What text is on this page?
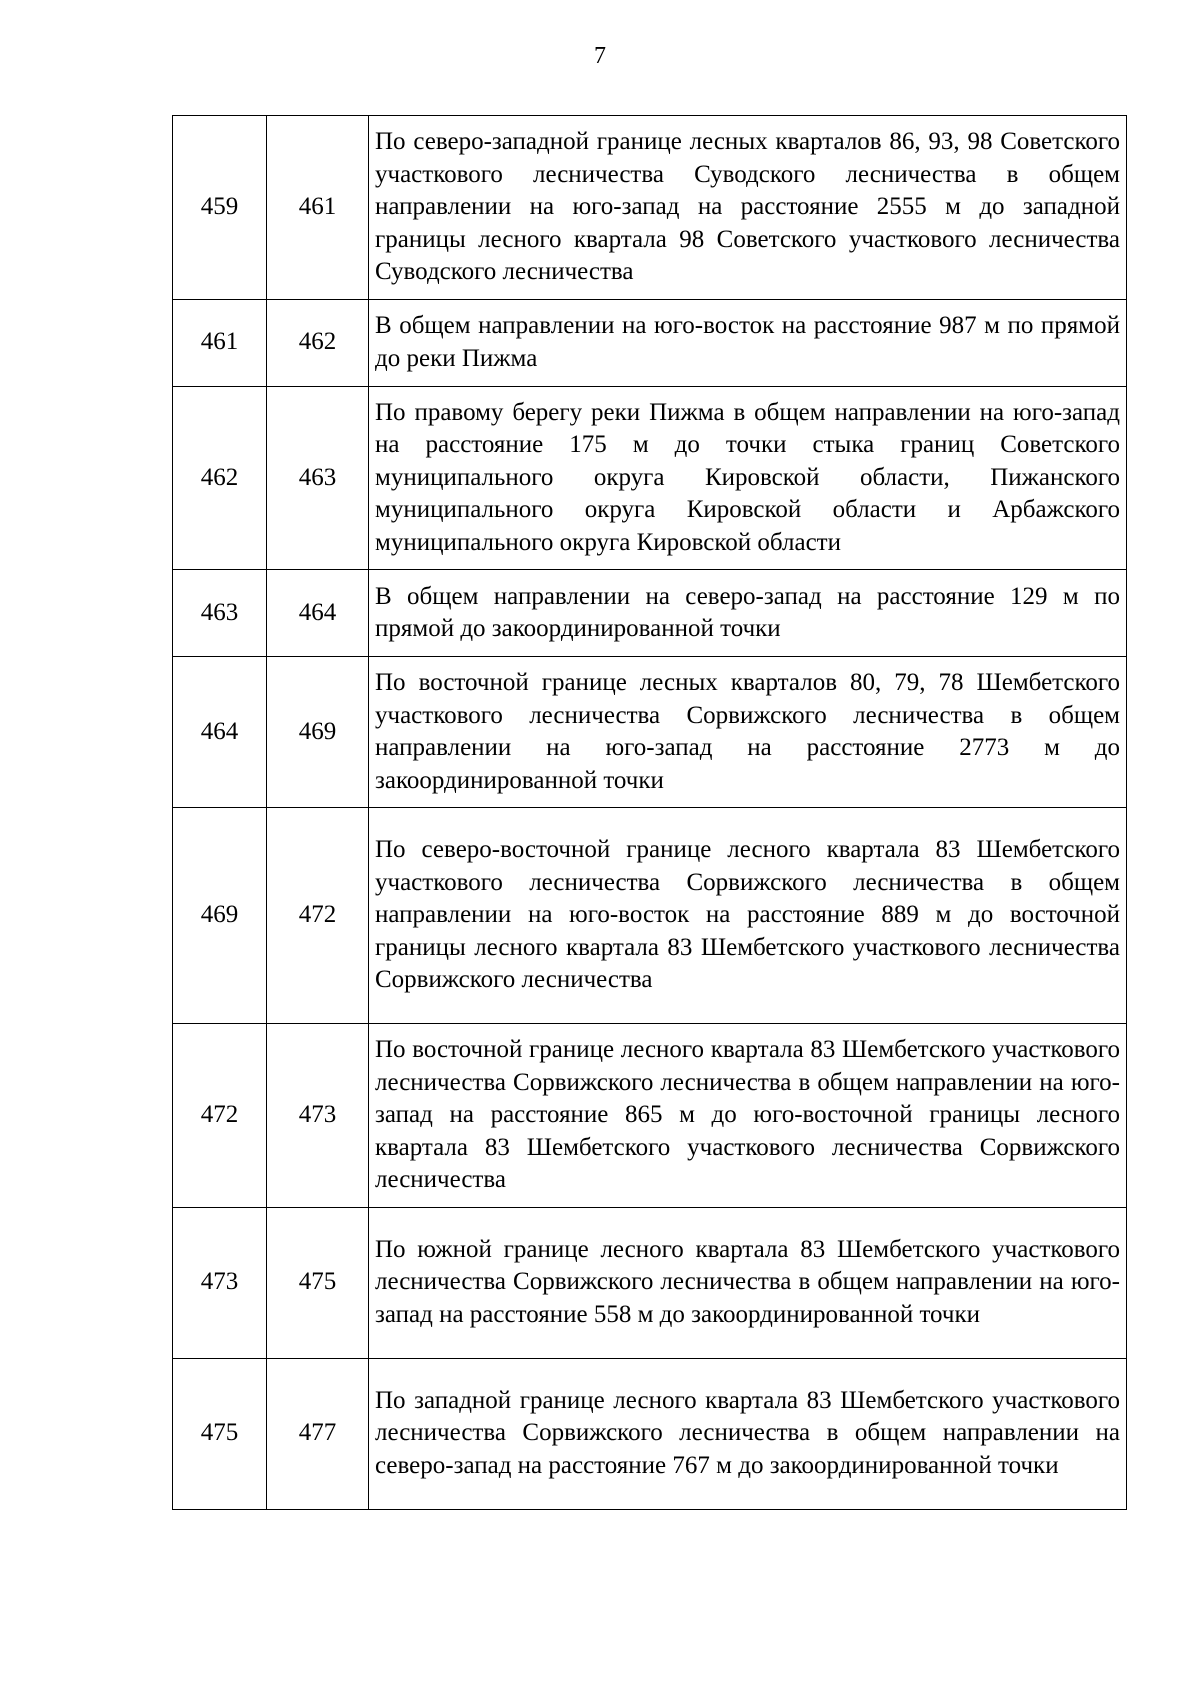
7
459	461	По северо-западной границе лесных кварталов 86, 93, 98 Советского участкового лесничества Суводского лесничества в общем направлении на юго-запад на расстояние 2555 м до западной границы лесного квартала 98 Советского участкового лесничества Суводского лесничества
461	462	В общем направлении на юго-восток на расстояние 987 м по прямой до реки Пижма
462	463	По правому берегу реки Пижма в общем направлении на юго-запад на расстояние 175 м до точки стыка границ Советского муниципального округа Кировской области, Пижанского муниципального округа Кировской области и Арбажского муниципального округа Кировской области
463	464	В общем направлении на северо-запад на расстояние 129 м по прямой до закоординированной точки
464	469	По восточной границе лесных кварталов 80, 79, 78 Шембетского участкового лесничества Сорвижского лесничества в общем направлении на юго-запад на расстояние 2773 м до закоординированной точки
469	472	По северо-восточной границе лесного квартала 83 Шембетского участкового лесничества Сорвижского лесничества в общем направлении на юго-восток на расстояние 889 м до восточной границы лесного квартала 83 Шембетского участкового лесничества Сорвижского лесничества
472	473	По восточной границе лесного квартала 83 Шембетского участкового лесничества Сорвижского лесничества в общем направлении на юго-запад на расстояние 865 м до юго-восточной границы лесного квартала 83 Шембетского участкового лесничества Сорвижского лесничества
473	475	По южной границе лесного квартала 83 Шембетского участкового лесничества Сорвижского лесничества в общем направлении на юго-запад на расстояние 558 м до закоординированной точки
475	477	По западной границе лесного квартала 83 Шембетского участкового лесничества Сорвижского лесничества в общем направлении на северо-запад на расстояние 767 м до закоординированной точки
